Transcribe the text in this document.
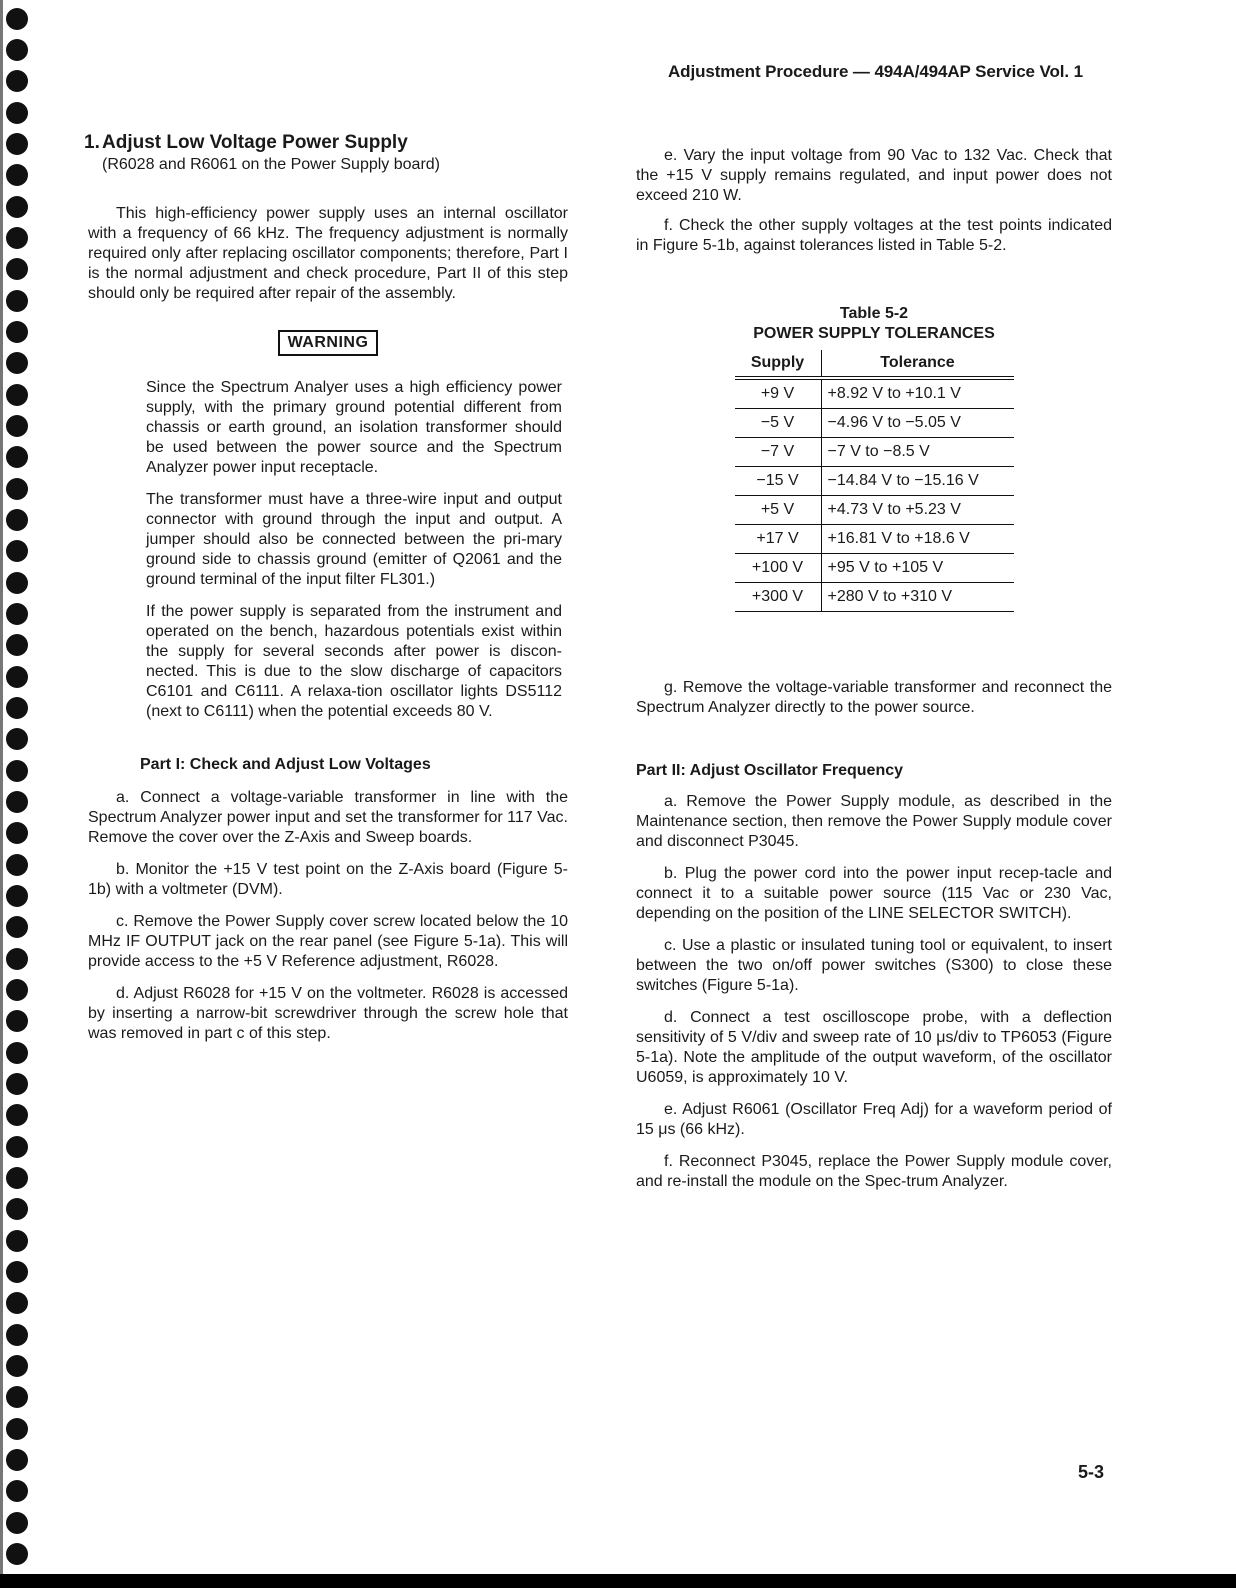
Adjustment Procedure — 494A/494AP Service Vol. 1
1. Adjust Low Voltage Power Supply
(R6028 and R6061 on the Power Supply board)

This high-efficiency power supply uses an internal oscillator with a frequency of 66 kHz. The frequency adjustment is normally required only after replacing oscillator components; therefore, Part I is the normal adjustment and check procedure, Part II of this step should only be required after repair of the assembly.

WARNING

Since the Spectrum Analyer uses a high efficiency power supply, with the primary ground potential different from chassis or earth ground, an isolation transformer should be used between the power source and the Spectrum Analyzer power input receptacle.

The transformer must have a three-wire input and output connector with ground through the input and output. A jumper should also be connected between the pri-mary ground side to chassis ground (emitter of Q2061 and the ground terminal of the input filter FL301.)

If the power supply is separated from the instrument and operated on the bench, hazardous potentials exist within the supply for several seconds after power is discon-nected. This is due to the slow discharge of capacitors C6101 and C6111. A relaxa-tion oscillator lights DS5112 (next to C6111) when the potential exceeds 80 V.

Part I: Check and Adjust Low Voltages

a. Connect a voltage-variable transformer in line with the Spectrum Analyzer power input and set the transformer for 117 Vac. Remove the cover over the Z-Axis and Sweep boards.

b. Monitor the +15 V test point on the Z-Axis board (Figure 5-1b) with a voltmeter (DVM).

c. Remove the Power Supply cover screw located below the 10 MHz IF OUTPUT jack on the rear panel (see Figure 5-1a). This will provide access to the +5 V Reference adjustment, R6028.

d. Adjust R6028 for +15 V on the voltmeter. R6028 is accessed by inserting a narrow-bit screwdriver through the screw hole that was removed in part c of this step.

e. Vary the input voltage from 90 Vac to 132 Vac. Check that the +15 V supply remains regulated, and input power does not exceed 210 W.

f. Check the other supply voltages at the test points indicated in Figure 5-1b, against tolerances listed in Table 5-2.

Table 5-2
POWER SUPPLY TOLERANCES
Supply	Tolerance
+9 V	+8.92 V to +10.1 V
−5 V	−4.96 V to −5.05 V
−7 V	−7 V to −8.5 V
−15 V	−14.84 V to −15.16 V
+5 V	+4.73 V to +5.23 V
+17 V	+16.81 V to +18.6 V
+100 V	+95 V to +105 V
+300 V	+280 V to +310 V

g. Remove the voltage-variable transformer and reconnect the Spectrum Analyzer directly to the power source.

Part II: Adjust Oscillator Frequency

a. Remove the Power Supply module, as described in the Maintenance section, then remove the Power Supply module cover and disconnect P3045.

b. Plug the power cord into the power input recep-tacle and connect it to a suitable power source (115 Vac or 230 Vac, depending on the position of the LINE SELECTOR SWITCH).

c. Use a plastic or insulated tuning tool or equivalent, to insert between the two on/off power switches (S300) to close these switches (Figure 5-1a).

d. Connect a test oscilloscope probe, with a deflection sensitivity of 5 V/div and sweep rate of 10 μs/div to TP6053 (Figure 5-1a). Note the amplitude of the output waveform, of the oscillator U6059, is approximately 10 V.

e. Adjust R6061 (Oscillator Freq Adj) for a waveform period of 15 μs (66 kHz).

f. Reconnect P3045, replace the Power Supply module cover, and re-install the module on the Spec-trum Analyzer.

5-3
